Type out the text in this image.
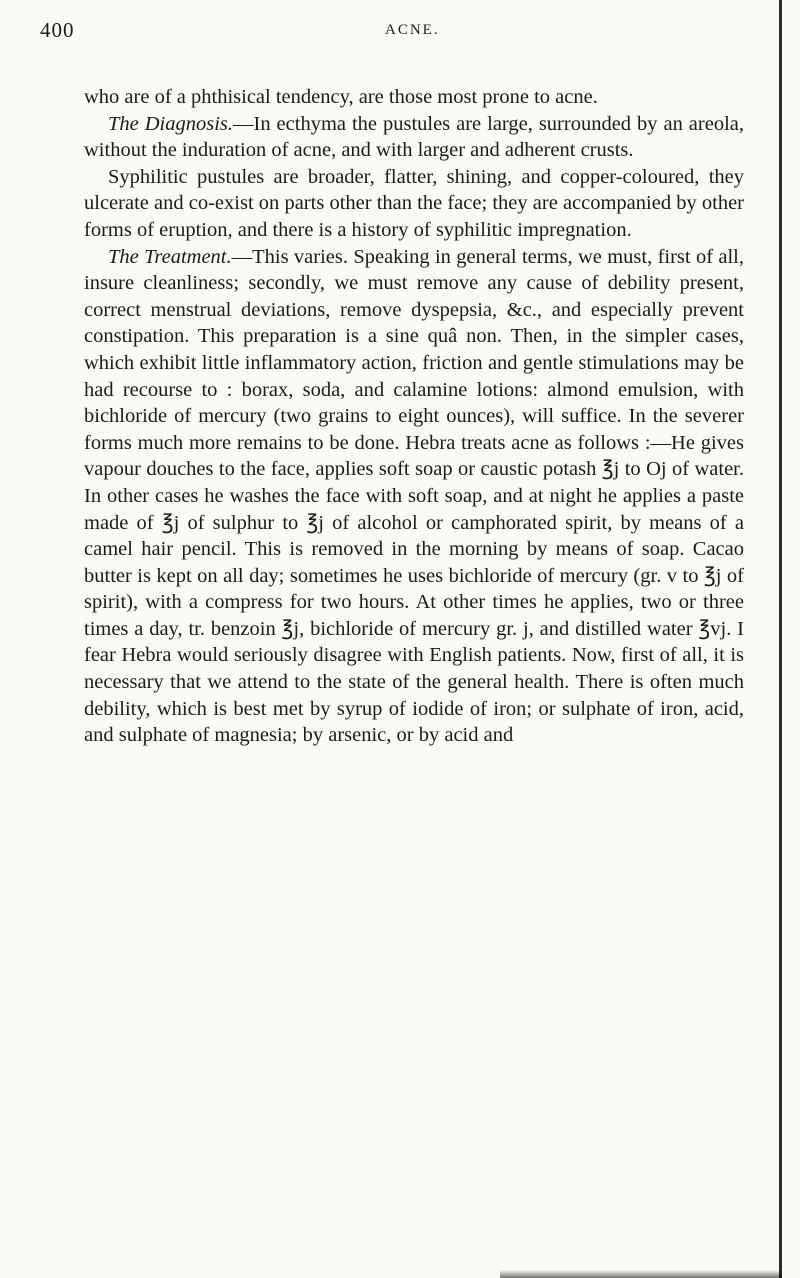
400	ACNE.

who are of a phthisical tendency, are those most prone to acne.

The Diagnosis.—In ecthyma the pustules are large, surrounded by an areola, without the induration of acne, and with larger and adherent crusts.

Syphilitic pustules are broader, flatter, shining, and copper-coloured, they ulcerate and co-exist on parts other than the face; they are accompanied by other forms of eruption, and there is a history of syphilitic impregnation.

The Treatment.—This varies. Speaking in general terms, we must, first of all, insure cleanliness; secondly, we must remove any cause of debility present, correct menstrual deviations, remove dyspepsia, &c., and especially prevent constipation. This preparation is a sine quâ non. Then, in the simpler cases, which exhibit little inflammatory action, friction and gentle stimulations may be had recourse to : borax, soda, and calamine lotions: almond emulsion, with bichloride of mercury (two grains to eight ounces), will suffice. In the severer forms much more remains to be done. Hebra treats acne as follows :—He gives vapour douches to the face, applies soft soap or caustic potash ℥j to Oj of water. In other cases he washes the face with soft soap, and at night he applies a paste made of ℥j of sulphur to ℥j of alcohol or camphorated spirit, by means of a camel hair pencil. This is removed in the morning by means of soap. Cacao butter is kept on all day; sometimes he uses bichloride of mercury (gr. v to ℥j of spirit), with a compress for two hours. At other times he applies, two or three times a day, tr. benzoin ℥j, bichloride of mercury gr. j, and distilled water ℥vj. I fear Hebra would seriously disagree with English patients. Now, first of all, it is necessary that we attend to the state of the general health. There is often much debility, which is best met by syrup of iodide of iron; or sulphate of iron, acid, and sulphate of magnesia; by arsenic, or by acid and
